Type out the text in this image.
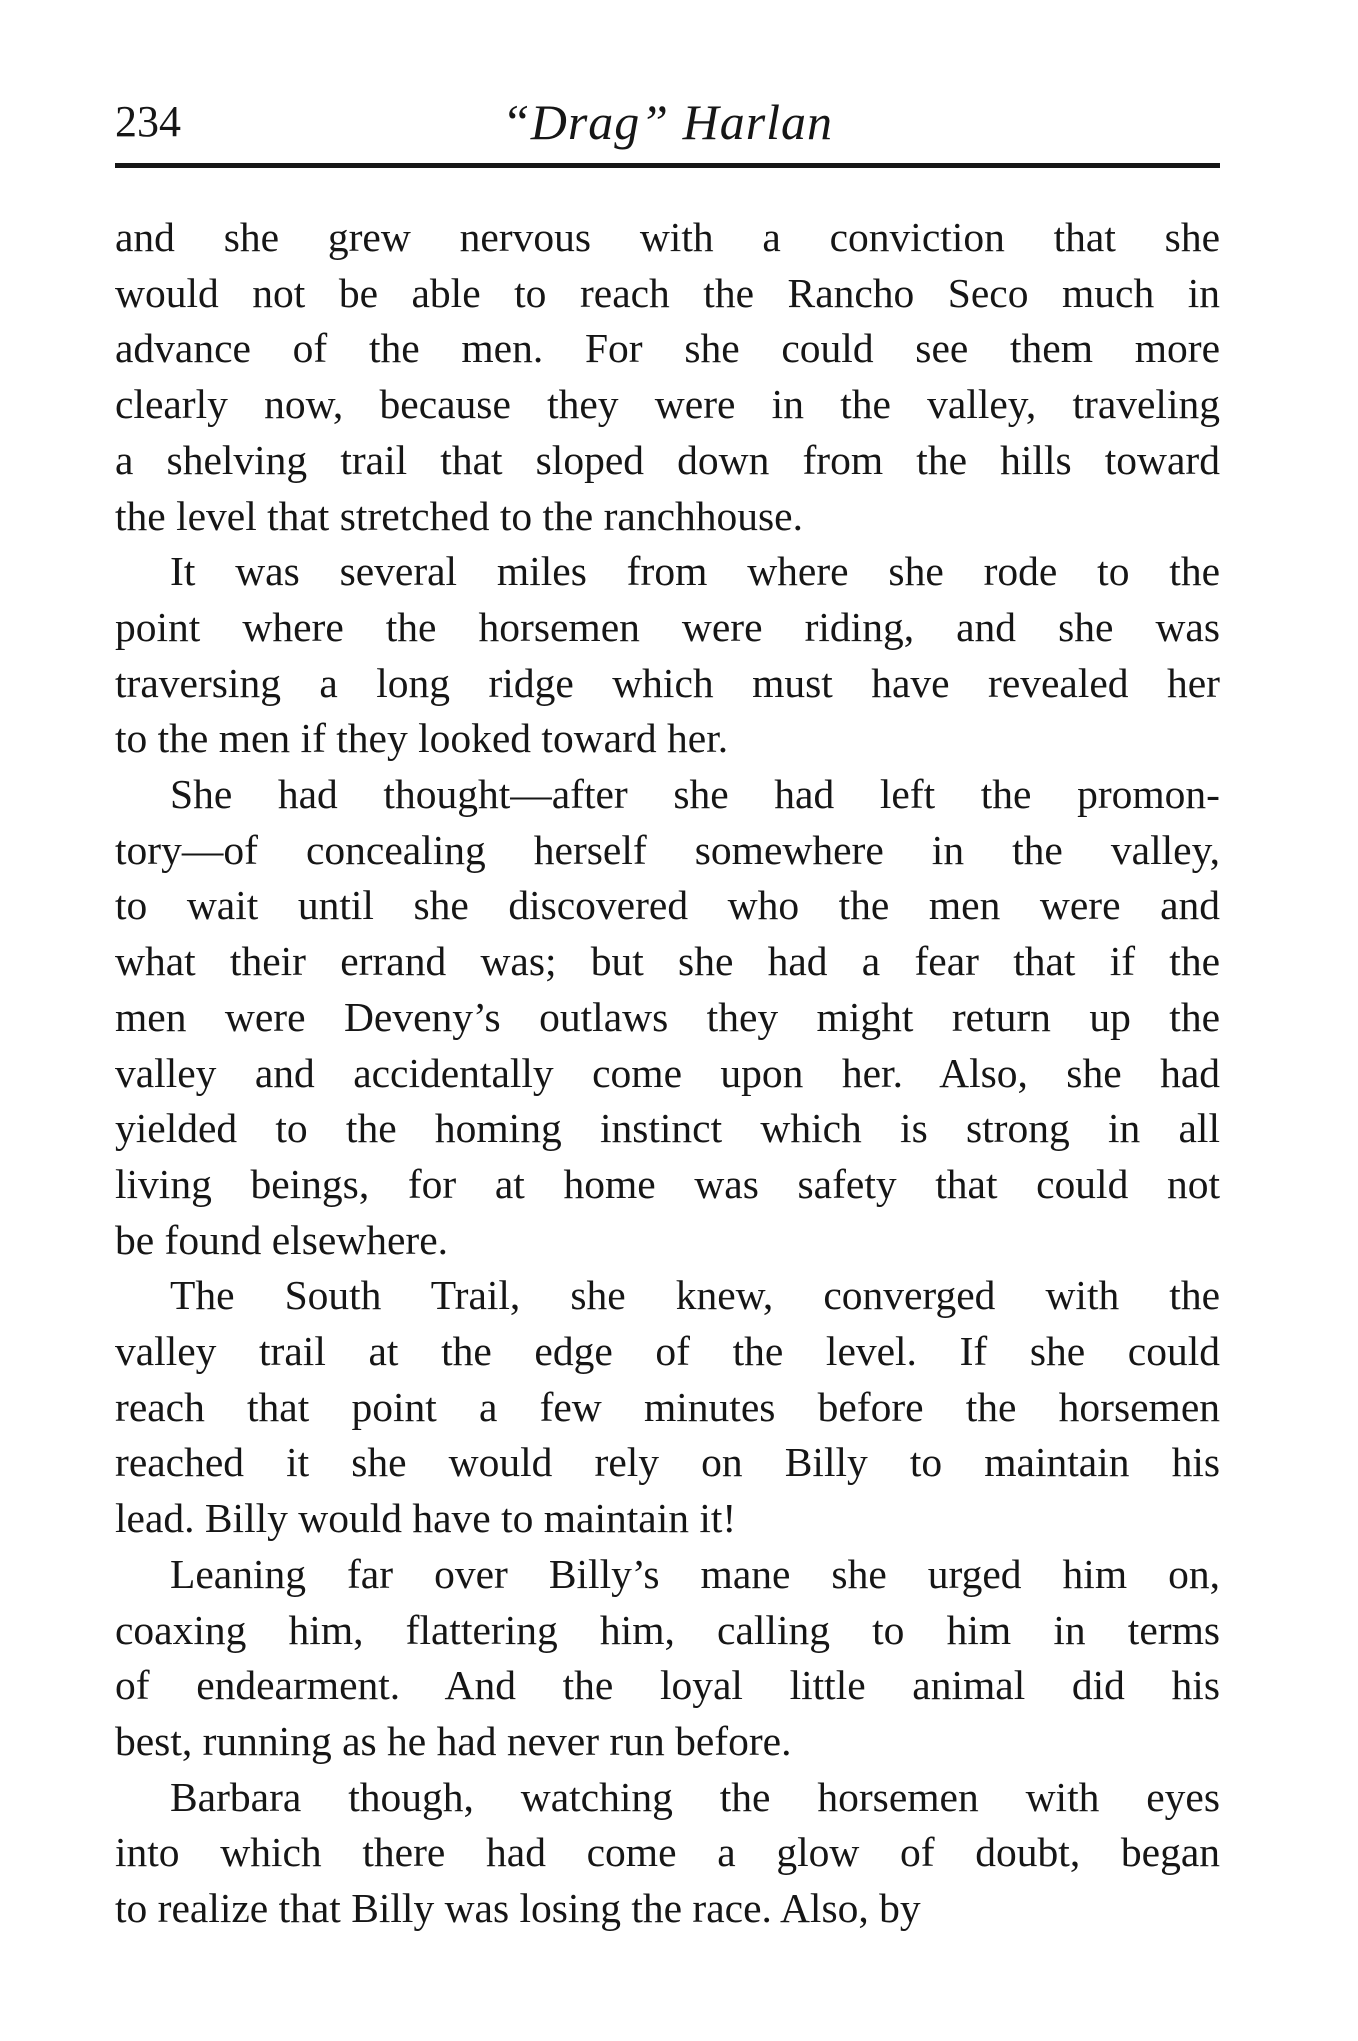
234	“Drag” Harlan

and she grew nervous with a conviction that she
would not be able to reach the Rancho Seco much in
advance of the men. For she could see them more
clearly now, because they were in the valley, traveling
a shelving trail that sloped down from the hills toward
the level that stretched to the ranchhouse.

It was several miles from where she rode to the
point where the horsemen were riding, and she was
traversing a long ridge which must have revealed her
to the men if they looked toward her.

She had thought—after she had left the promon-
tory—of concealing herself somewhere in the valley,
to wait until she discovered who the men were and
what their errand was; but she had a fear that if the
men were Deveny’s outlaws they might return up the
valley and accidentally come upon her. Also, she had
yielded to the homing instinct which is strong in all
living beings, for at home was safety that could not
be found elsewhere.

The South Trail, she knew, converged with the
valley trail at the edge of the level. If she could
reach that point a few minutes before the horsemen
reached it she would rely on Billy to maintain his
lead. Billy would have to maintain it!

Leaning far over Billy’s mane she urged him on,
coaxing him, flattering him, calling to him in terms
of endearment. And the loyal little animal did his
best, running as he had never run before.

Barbara though, watching the horsemen with eyes
into which there had come a glow of doubt, began
to realize that Billy was losing the race. Also, by
